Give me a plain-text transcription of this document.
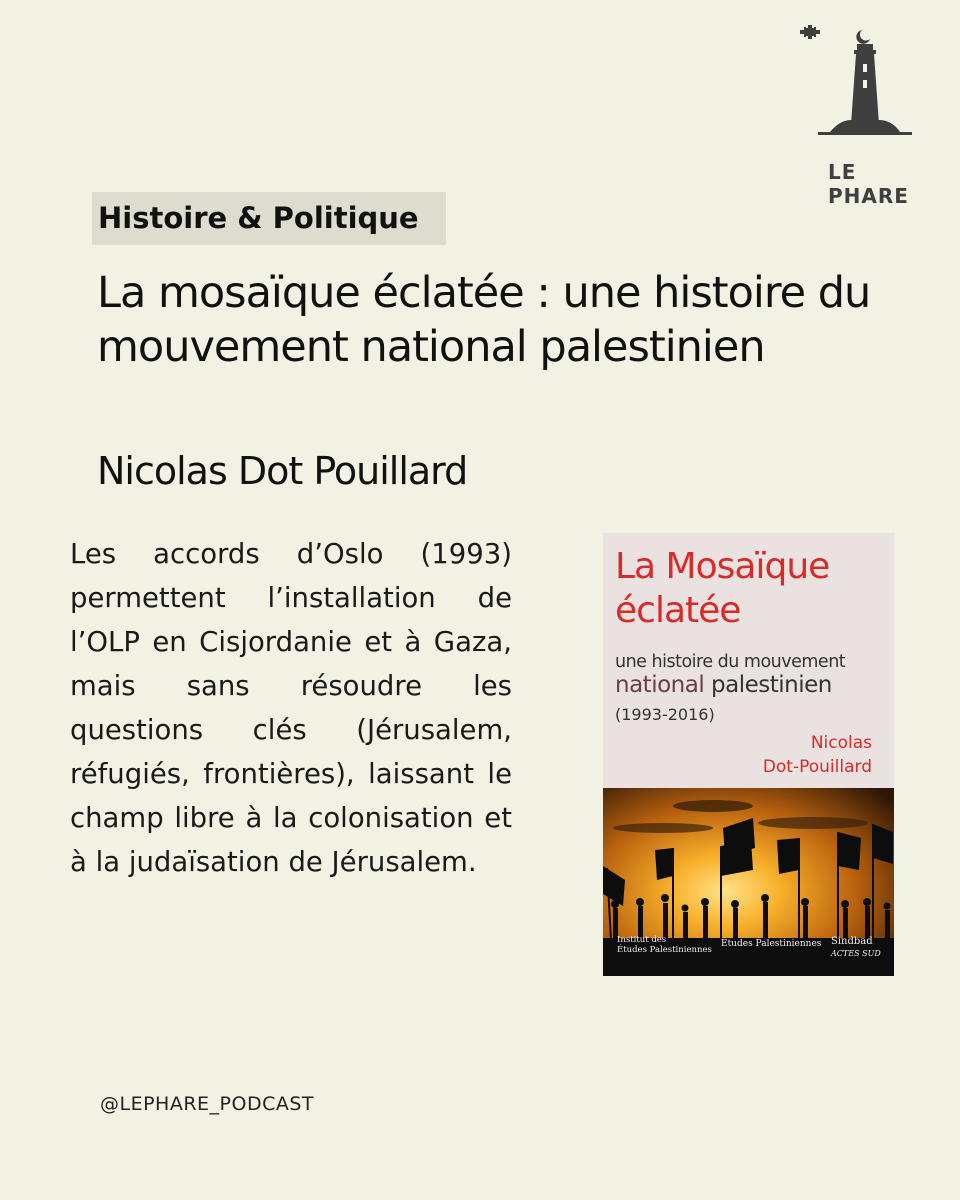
LE PHARE
Histoire & Politique
La mosaïque éclatée : une histoire du mouvement national palestinien
Nicolas Dot Pouillard

Les accords d’Oslo (1993) permettent l’installation de l’OLP en Cisjordanie et à Gaza, mais sans résoudre les questions clés (Jérusalem, réfugiés, frontières), laissant le champ libre à la colonisation et à la judaïsation de Jérusalem.

La Mosaïque
éclatée
une histoire du mouvement
national palestinien
(1993-2016)
Nicolas
Dot-Pouillard
Institut des
Études Palestiniennes
Études Palestiniennes Sindbad
ACTES SUD
@LEPHARE_PODCAST
